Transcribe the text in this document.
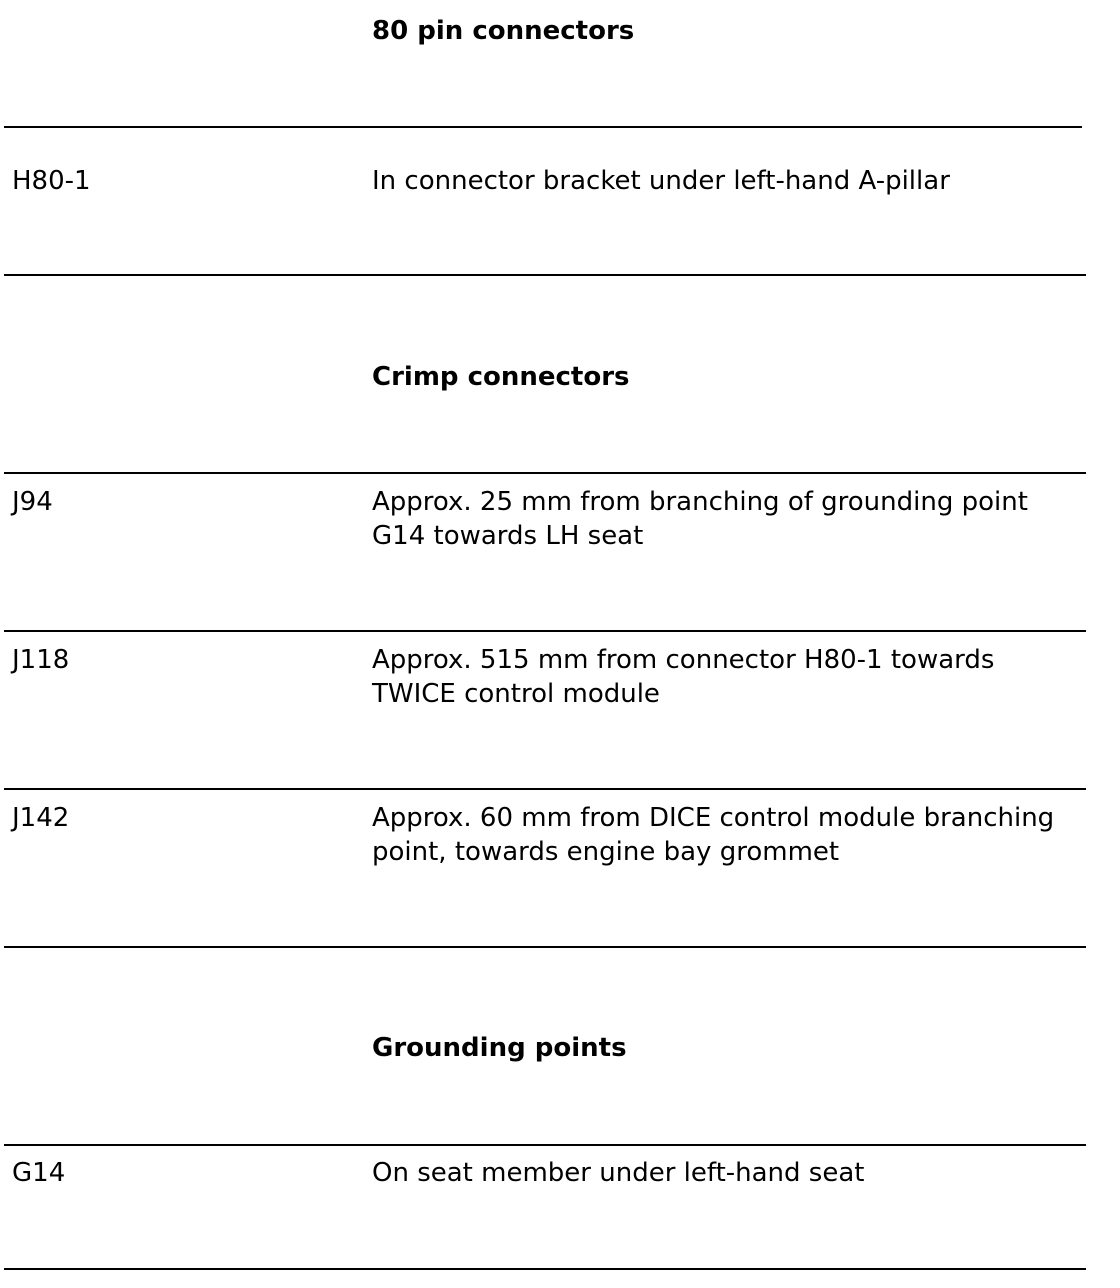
80 pin connectors
H80-1	In connector bracket under left-hand A-pillar
Crimp connectors
J94	Approx. 25 mm from branching of grounding point G14 towards LH seat
J118	Approx. 515 mm from connector H80-1 towards TWICE control module
J142	Approx. 60 mm from DICE control module branching point, towards engine bay grommet
Grounding points
G14	On seat member under left-hand seat
